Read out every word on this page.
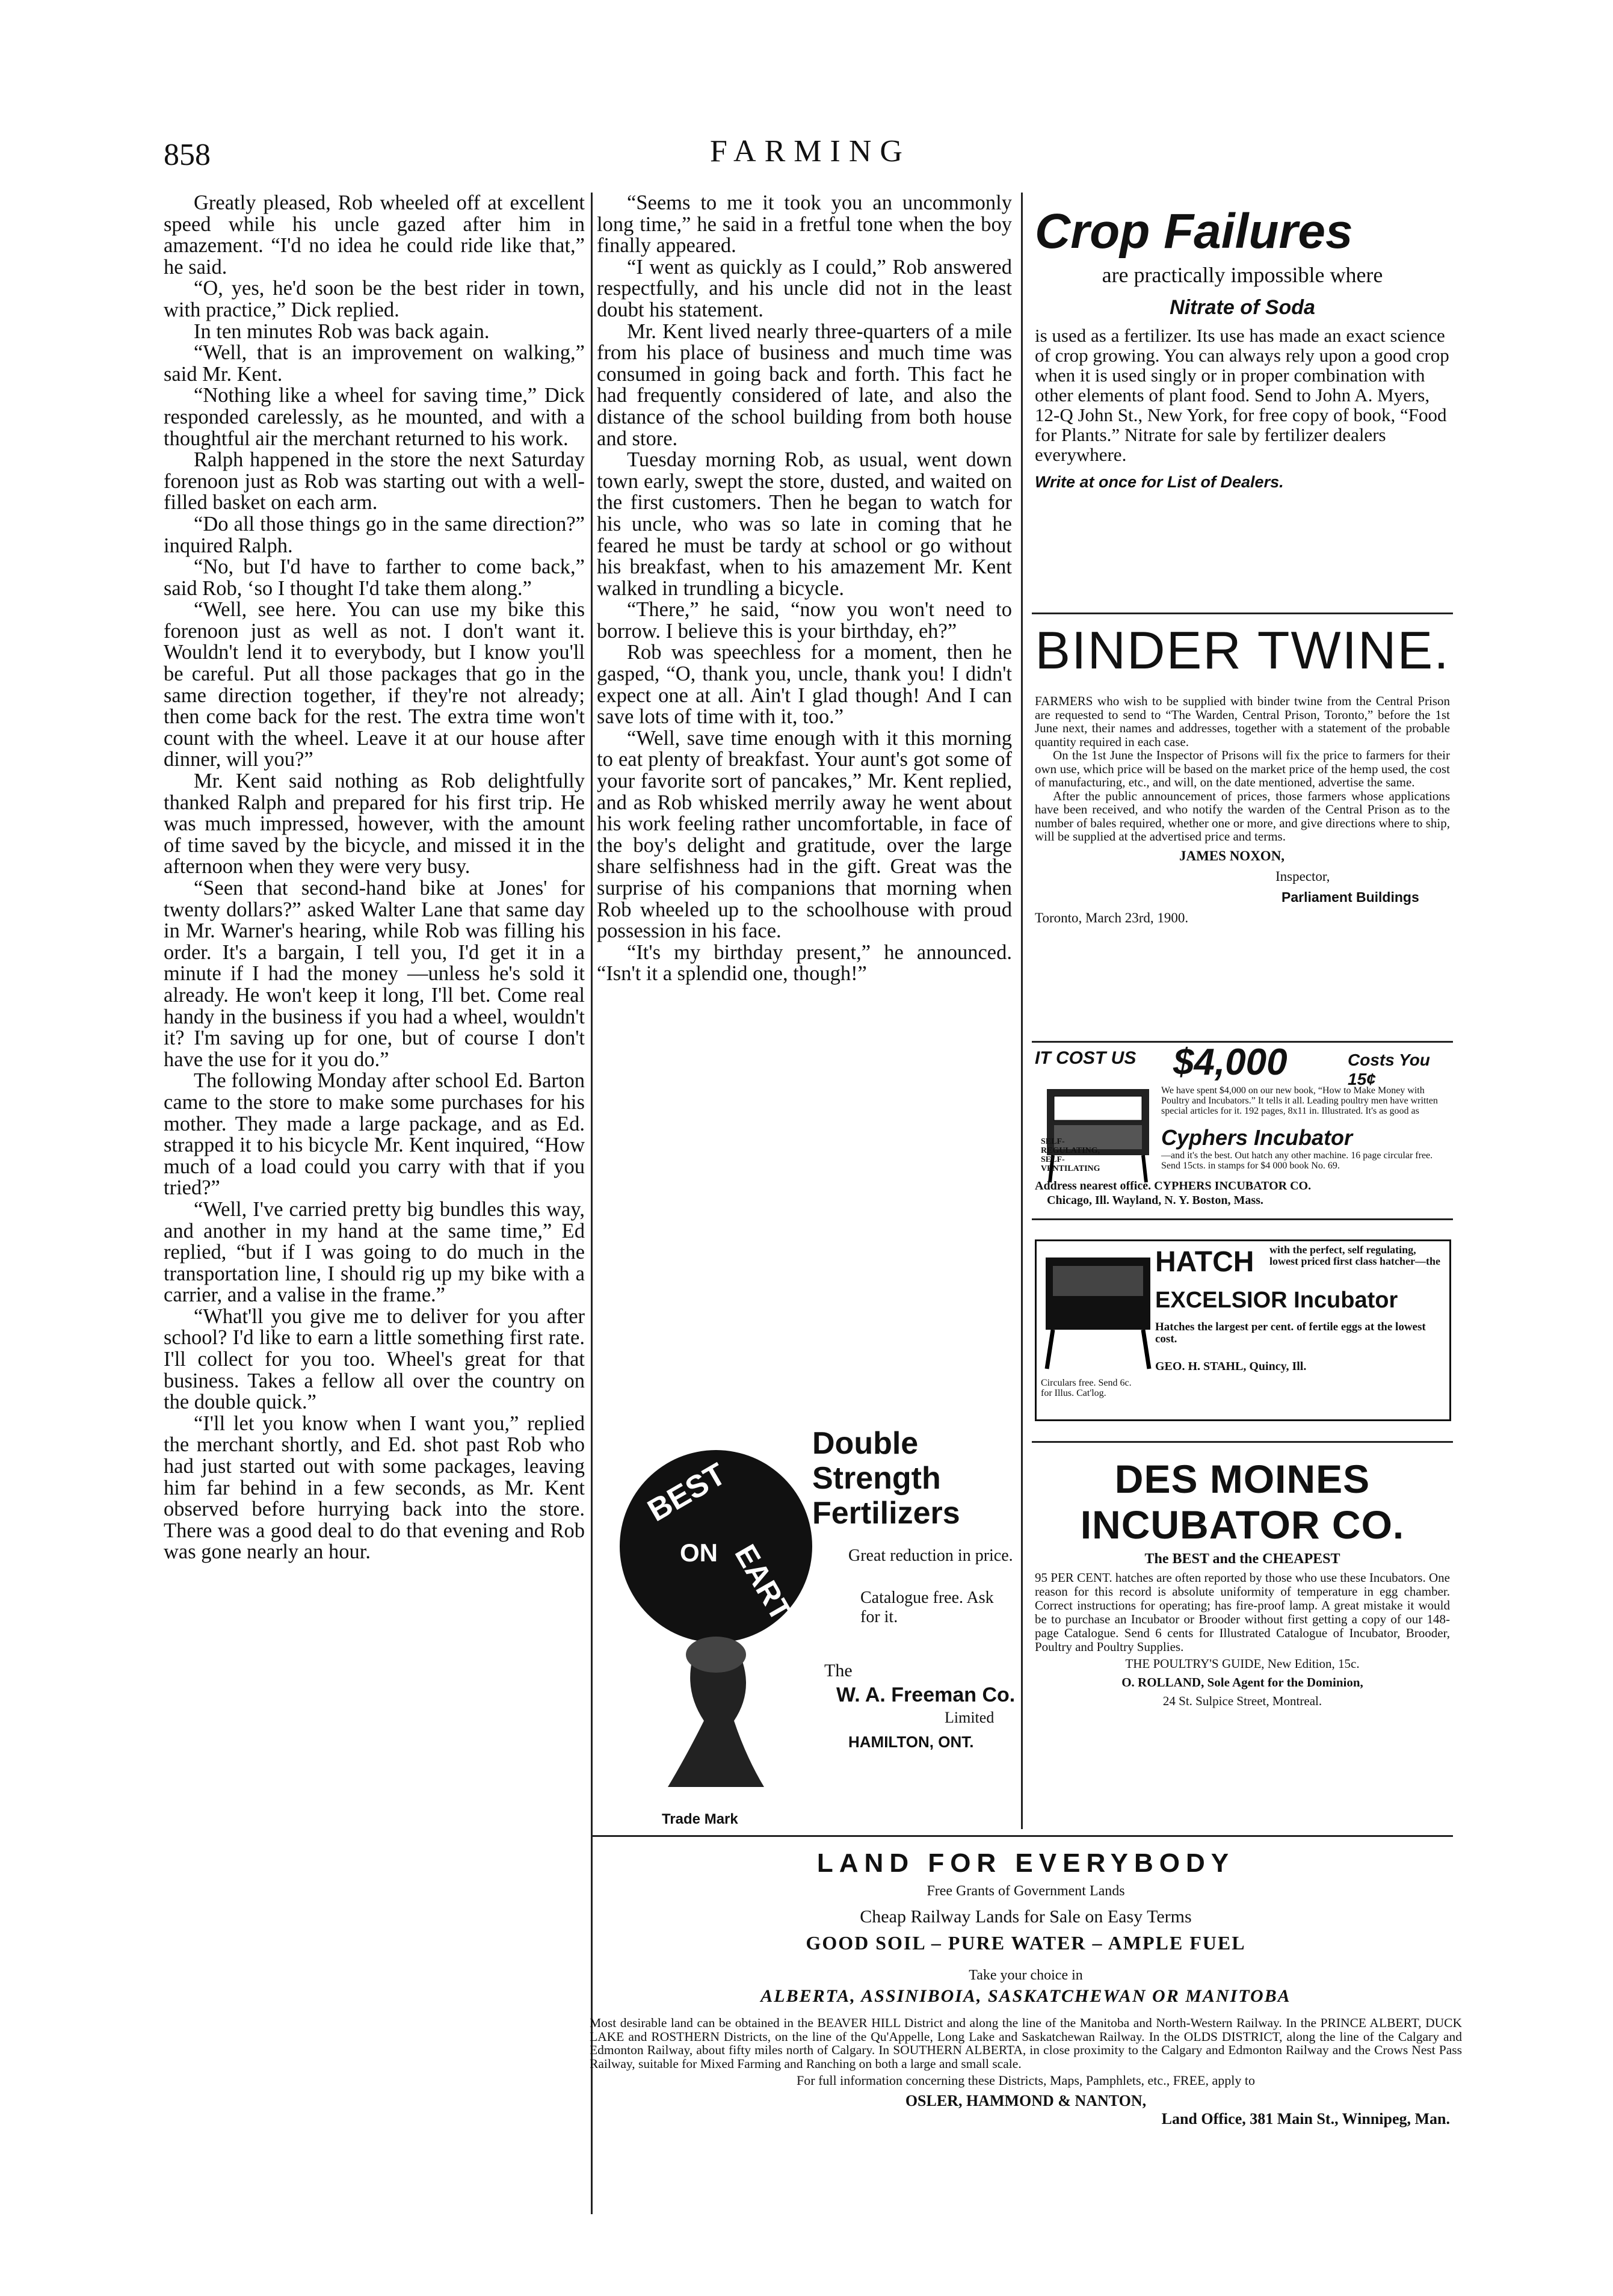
858	FARMING

Greatly pleased, Rob wheeled off at excellent speed while his uncle gazed after him in amazement. “I'd no idea he could ride like that,” he said.

“O, yes, he'd soon be the best rider in town, with practice,” Dick replied.

In ten minutes Rob was back again.

“Well, that is an improvement on walking,” said Mr. Kent.

“Nothing like a wheel for saving time,” Dick responded carelessly, as he mounted, and with a thoughtful air the merchant returned to his work.

Ralph happened in the store the next Saturday forenoon just as Rob was starting out with a well-filled basket on each arm.

“Do all those things go in the same direction?” inquired Ralph.

“No, but I'd have to farther to come back,” said Rob, ‘so I thought I'd take them along.”

“Well, see here. You can use my bike this forenoon just as well as not. I don't want it. Wouldn't lend it to everybody, but I know you'll be careful. Put all those packages that go in the same direction together, if they're not already; then come back for the rest. The extra time won't count with the wheel. Leave it at our house after dinner, will you?”

Mr. Kent said nothing as Rob delightfully thanked Ralph and prepared for his first trip. He was much impressed, however, with the amount of time saved by the bicycle, and missed it in the afternoon when they were very busy.

“Seen that second-hand bike at Jones' for twenty dollars?” asked Walter Lane that same day in Mr. Warner's hearing, while Rob was filling his order. It's a bargain, I tell you, I'd get it in a minute if I had the money —unless he's sold it already. He won't keep it long, I'll bet. Come real handy in the business if you had a wheel, wouldn't it? I'm saving up for one, but of course I don't have the use for it you do.”

The following Monday after school Ed. Barton came to the store to make some purchases for his mother. They made a large package, and as Ed. strapped it to his bicycle Mr. Kent inquired, “How much of a load could you carry with that if you tried?”

“Well, I've carried pretty big bundles this way, and another in my hand at the same time,” Ed replied, “but if I was going to do much in the transportation line, I should rig up my bike with a carrier, and a valise in the frame.”

“What'll you give me to deliver for you after school? I'd like to earn a little something first rate. I'll collect for you too. Wheel's great for that business. Takes a fellow all over the country on the double quick.”

“I'll let you know when I want you,” replied the merchant shortly, and Ed. shot past Rob who had just started out with some packages, leaving him far behind in a few seconds, as Mr. Kent observed before hurrying back into the store. There was a good deal to do that evening and Rob was gone nearly an hour.

“Seems to me it took you an uncommonly long time,” he said in a fretful tone when the boy finally appeared.

“I went as quickly as I could,” Rob answered respectfully, and his uncle did not in the least doubt his statement.

Mr. Kent lived nearly three-quarters of a mile from his place of business and much time was consumed in going back and forth. This fact he had frequently considered of late, and also the distance of the school building from both house and store.

Tuesday morning Rob, as usual, went down town early, swept the store, dusted, and waited on the first customers. Then he began to watch for his uncle, who was so late in coming that he feared he must be tardy at school or go without his breakfast, when to his amazement Mr. Kent walked in trundling a bicycle.

“There,” he said, “now you won't need to borrow. I believe this is your birthday, eh?”

Rob was speechless for a moment, then he gasped, “O, thank you, uncle, thank you! I didn't expect one at all. Ain't I glad though! And I can save lots of time with it, too.”

“Well, save time enough with it this morning to eat plenty of breakfast. Your aunt's got some of your favorite sort of pancakes,” Mr. Kent replied, and as Rob whisked merrily away he went about his work feeling rather uncomfortable, in face of the boy's delight and gratitude, over the large share selfishness had in the gift. Great was the surprise of his companions that morning when Rob wheeled up to the schoolhouse with proud possession in his face.

“It's my birthday present,” he announced. “Isn't it a splendid one, though!”

Crop Failures
are practically impossible where
Nitrate of Soda
is used as a fertilizer. Its use has made an exact science of crop growing. You can always rely upon a good crop when it is used singly or in proper combination with other elements of plant food. Send to John A. Myers, 12-Q John St., New York, for free copy of book, “Food for Plants.” Nitrate for sale by fertilizer dealers everywhere.
Write at once for List of Dealers.
BINDER TWINE.

FARMERS who wish to be supplied with binder twine from the Central Prison are requested to send to “The Warden, Central Prison, Toronto,” before the 1st June next, their names and addresses, together with a statement of the probable quantity required in each case.

On the 1st June the Inspector of Prisons will fix the price to farmers for their own use, which price will be based on the market price of the hemp used, the cost of manufacturing, etc., and will, on the date mentioned, advertise the same.

After the public announcement of prices, those farmers whose applications have been received, and who notify the warden of the Central Prison as to the number of bales required, whether one or more, and give directions where to ship, will be supplied at the advertised price and terms.

JAMES NOXON,
Inspector,
Parliament Buildings
Toronto, March 23rd, 1900.
IT COST US $4,000	Costs You 15¢
We have spent $4,000 on our new book, “How to Make Money with Poultry and Incubators.” It tells it all. Leading poultry men have written special articles for it. 192 pages, 8x11 in. Illustrated. It's as good as
Cyphers Incubator
—and it's the best. Out hatch any other machine. 16 page circular free. Send 15cts. in stamps for $4 000 book No. 69.
SELF-REGULATING, SELF-VENTILATING
Address nearest office. CYPHERS INCUBATOR CO.
Chicago, Ill. Wayland, N. Y. Boston, Mass.
HATCH with the perfect, self regulating, lowest priced first class hatcher—the
EXCELSIOR Incubator
Hatches the largest per cent. of fertile eggs at the lowest cost.
Circulars free. Send 6c. for Illus. Cat'log.
GEO. H. STAHL, Quincy, Ill.
DES MOINES INCUBATOR CO.
The BEST and the CHEAPEST
95 PER CENT. hatches are often reported by those who use these Incubators. One reason for this record is absolute uniformity of temperature in egg chamber. Correct instructions for operating; has fire-proof lamp. A great mistake it would be to purchase an Incubator or Brooder without first getting a copy of our 148-page Catalogue. Send 6 cents for Illustrated Catalogue of Incubator, Brooder, Poultry and Poultry Supplies.
THE POULTRY'S GUIDE, New Edition, 15c.
O. ROLLAND, Sole Agent for the Dominion,
24 St. Sulpice Street, Montreal.
BEST
ON EARTH
Double Strength Fertilizers
Great reduction in price.
Catalogue free. Ask for it.
The
W. A. Freeman Co.
Limited
HAMILTON, ONT.
Trade Mark
LAND FOR EVERYBODY
Free Grants of Government Lands
Cheap Railway Lands for Sale on Easy Terms
GOOD SOIL – PURE WATER – AMPLE FUEL
Take your choice in
ALBERTA, ASSINIBOIA, SASKATCHEWAN OR MANITOBA
Most desirable land can be obtained in the BEAVER HILL District and along the line of the Manitoba and North-Western Railway. In the PRINCE ALBERT, DUCK LAKE and ROSTHERN Districts, on the line of the Qu'Appelle, Long Lake and Saskatchewan Railway. In the OLDS DISTRICT, along the line of the Calgary and Edmonton Railway, about fifty miles north of Calgary. In SOUTHERN ALBERTA, in close proximity to the Calgary and Edmonton Railway and the Crows Nest Pass Railway, suitable for Mixed Farming and Ranching on both a large and small scale.
For full information concerning these Districts, Maps, Pamphlets, etc., FREE, apply to
OSLER, HAMMOND & NANTON,
Land Office, 381 Main St., Winnipeg, Man.
